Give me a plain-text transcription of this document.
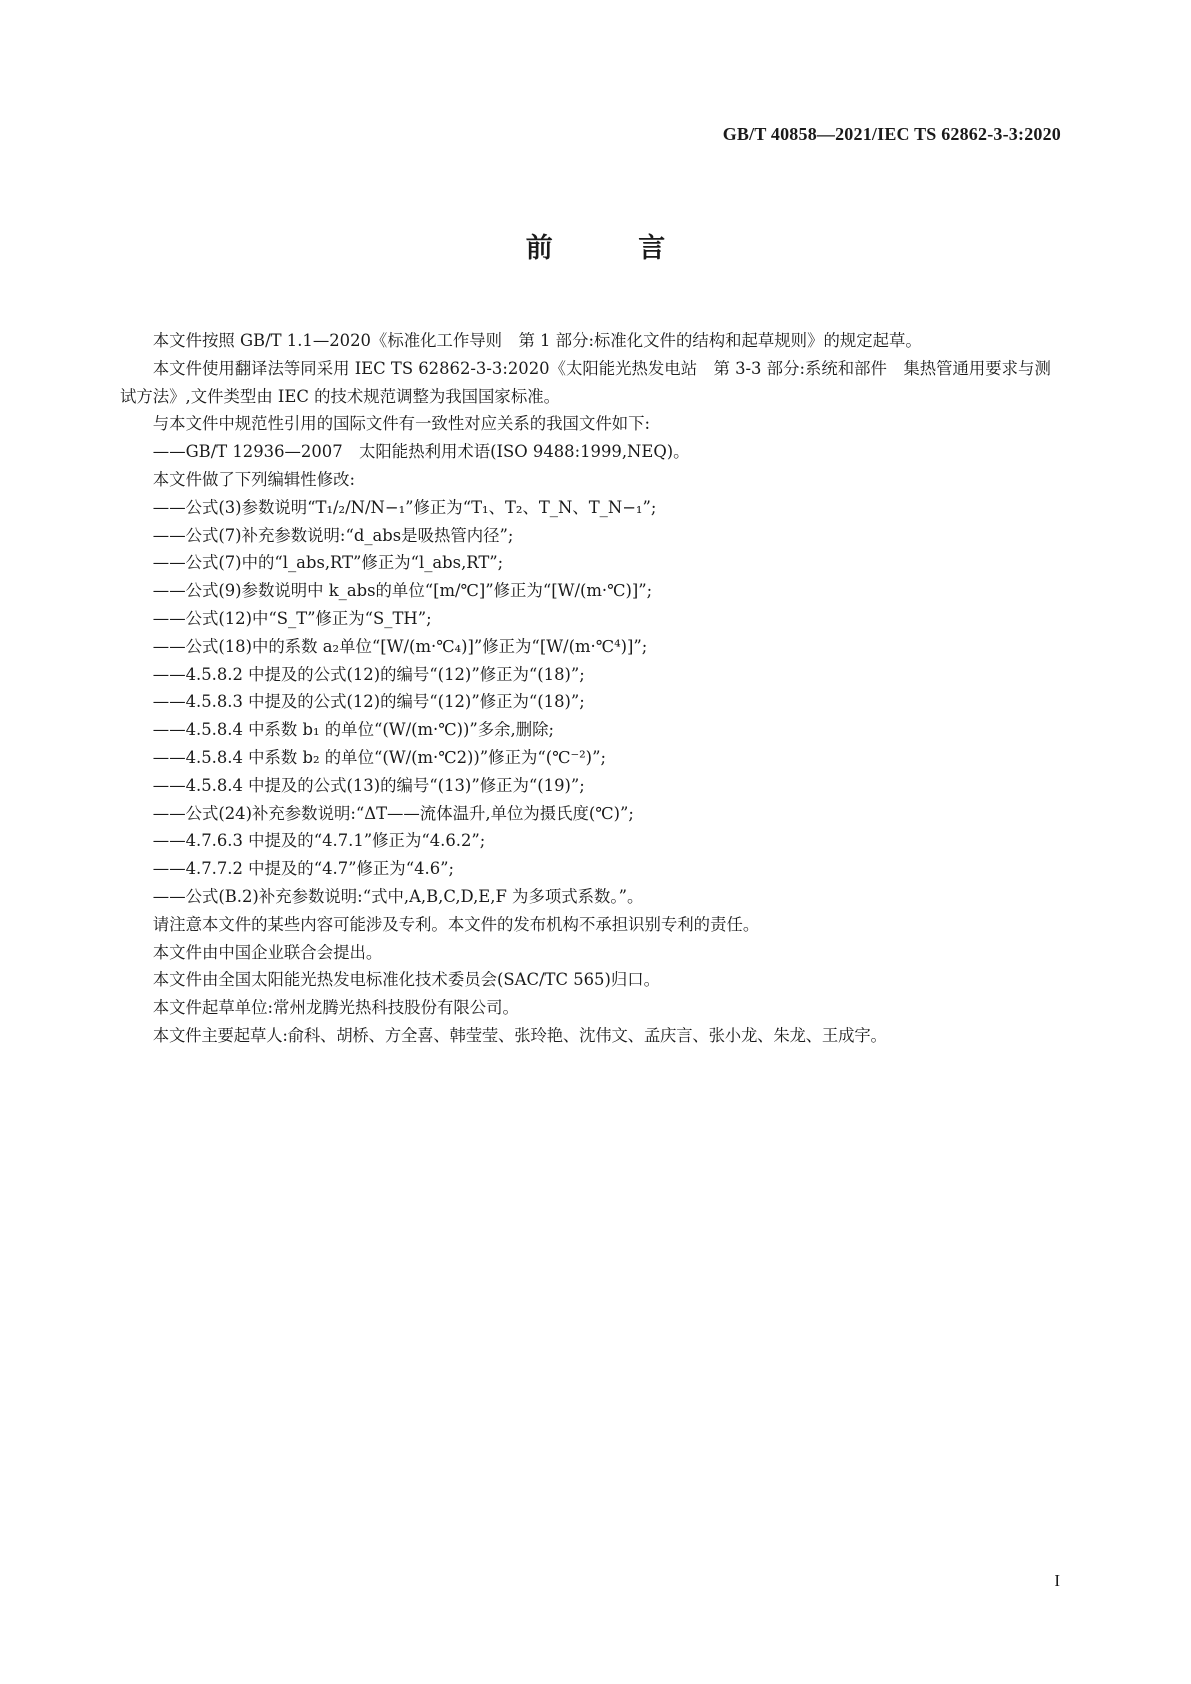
GB/T 40858—2021/IEC TS 62862-3-3:2020
前 言

本文件按照 GB/T 1.1—2020《标准化工作导则　第 1 部分:标准化文件的结构和起草规则》的规定起草。

本文件使用翻译法等同采用 IEC TS 62862-3-3:2020《太阳能光热发电站　第 3-3 部分:系统和部件　集热管通用要求与测试方法》,文件类型由 IEC 的技术规范调整为我国国家标准。

与本文件中规范性引用的国际文件有一致性对应关系的我国文件如下:

——GB/T 12936—2007　太阳能热利用术语(ISO 9488:1999,NEQ)。

本文件做了下列编辑性修改:

——公式(3)参数说明“T₁/₂/N/N−₁”修正为“T₁、T₂、T_N、T_N−₁”;

——公式(7)补充参数说明:“d_abs是吸热管内径”;

——公式(7)中的“l_abs,RT”修正为“l_abs,RT”;

——公式(9)参数说明中 k_abs的单位“[m/℃]”修正为“[W/(m·℃)]”;

——公式(12)中“S_T”修正为“S_TH”;

——公式(18)中的系数 a₂单位“[W/(m·℃₄)]”修正为“[W/(m·℃⁴)]”;

——4.5.8.2 中提及的公式(12)的编号“(12)”修正为“(18)”;

——4.5.8.3 中提及的公式(12)的编号“(12)”修正为“(18)”;

——4.5.8.4 中系数 b₁ 的单位“(W/(m·℃))”多余,删除;

——4.5.8.4 中系数 b₂ 的单位“(W/(m·℃2))”修正为“(℃⁻²)”;

——4.5.8.4 中提及的公式(13)的编号“(13)”修正为“(19)”;

——公式(24)补充参数说明:“ΔT——流体温升,单位为摄氏度(℃)”;

——4.7.6.3 中提及的“4.7.1”修正为“4.6.2”;

——4.7.7.2 中提及的“4.7”修正为“4.6”;

——公式(B.2)补充参数说明:“式中,A,B,C,D,E,F 为多项式系数。”。

请注意本文件的某些内容可能涉及专利。本文件的发布机构不承担识别专利的责任。

本文件由中国企业联合会提出。

本文件由全国太阳能光热发电标准化技术委员会(SAC/TC 565)归口。

本文件起草单位:常州龙腾光热科技股份有限公司。

本文件主要起草人:俞科、胡桥、方全喜、韩莹莹、张玲艳、沈伟文、孟庆言、张小龙、朱龙、王成宇。

I
